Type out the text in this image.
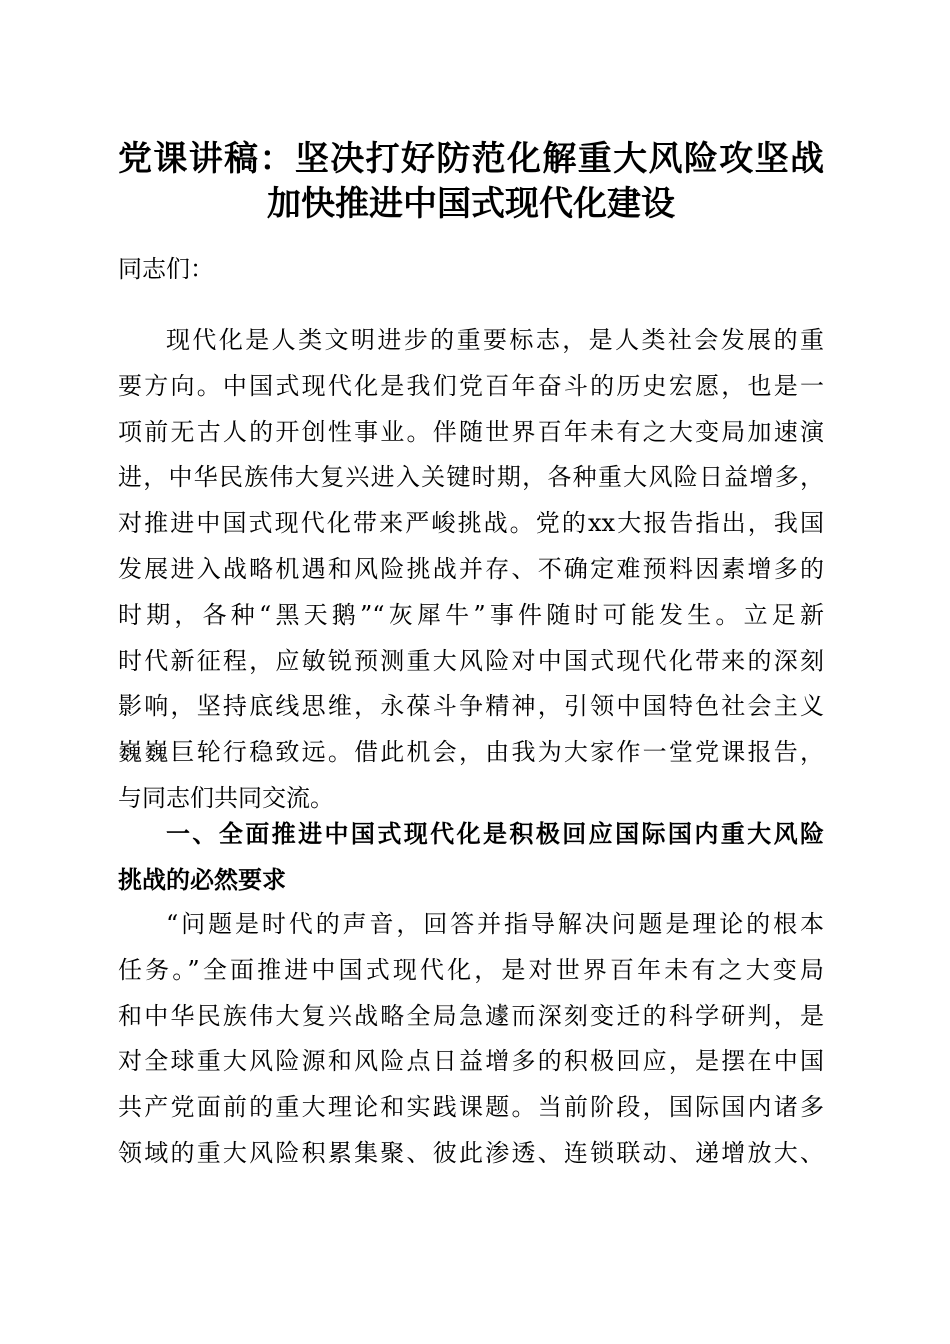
党课讲稿：坚决打好防范化解重大风险攻坚战
加快推进中国式现代化建设
同志们：
现代化是人类文明进步的重要标志，是人类社会发展的重
要方向。中国式现代化是我们党百年奋斗的历史宏愿，也是一
项前无古人的开创性事业。伴随世界百年未有之大变局加速演
进，中华民族伟大复兴进入关键时期，各种重大风险日益增多，
对推进中国式现代化带来严峻挑战。党的xx大报告指出，我国
发展进入战略机遇和风险挑战并存、不确定难预料因素增多的
时期，各种“黑天鹅”“灰犀牛”事件随时可能发生。立足新
时代新征程，应敏锐预测重大风险对中国式现代化带来的深刻
影响，坚持底线思维，永葆斗争精神，引领中国特色社会主义
巍巍巨轮行稳致远。借此机会，由我为大家作一堂党课报告，
与同志们共同交流。
一、全面推进中国式现代化是积极回应国际国内重大风险
挑战的必然要求
“问题是时代的声音，回答并指导解决问题是理论的根本
任务。”全面推进中国式现代化，是对世界百年未有之大变局
和中华民族伟大复兴战略全局急遽而深刻变迁的科学研判，是
对全球重大风险源和风险点日益增多的积极回应，是摆在中国
共产党面前的重大理论和实践课题。当前阶段，国际国内诸多
领域的重大风险积累集聚、彼此渗透、连锁联动、递增放大、
